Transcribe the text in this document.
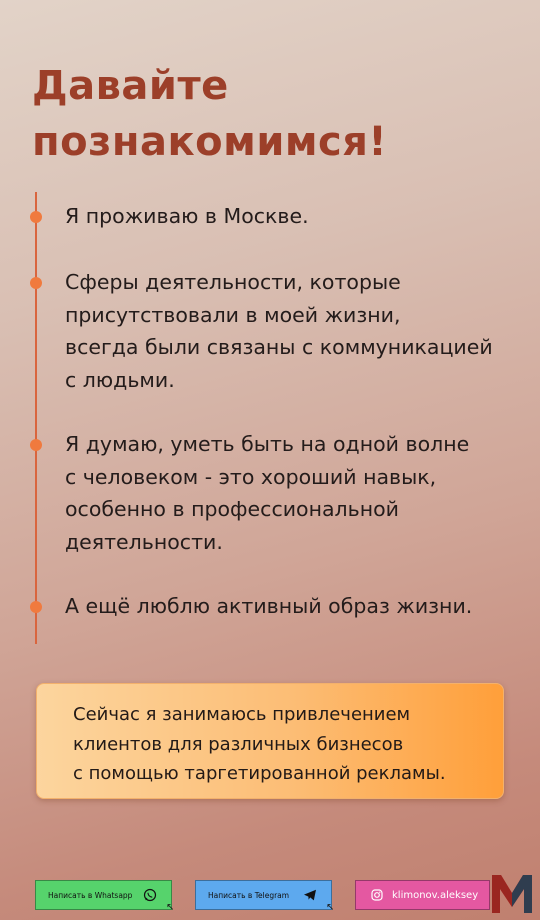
Давайте
познакомимся!

Я проживаю в Москве.

Сферы деятельности, которые
присутствовали в моей жизни,
всегда были связаны с коммуникацией
с людьми.

Я думаю, уметь быть на одной волне
с человеком - это хороший навык,
особенно в профессиональной
деятельности.

А ещё люблю активный образ жизни.

Сейчас я занимаюсь привлечением
клиентов для различных бизнесов
с помощью таргетированной рекламы.

Написать в Whatsapp
↖
Написать в Telegram
↖
klimonov.aleksey
